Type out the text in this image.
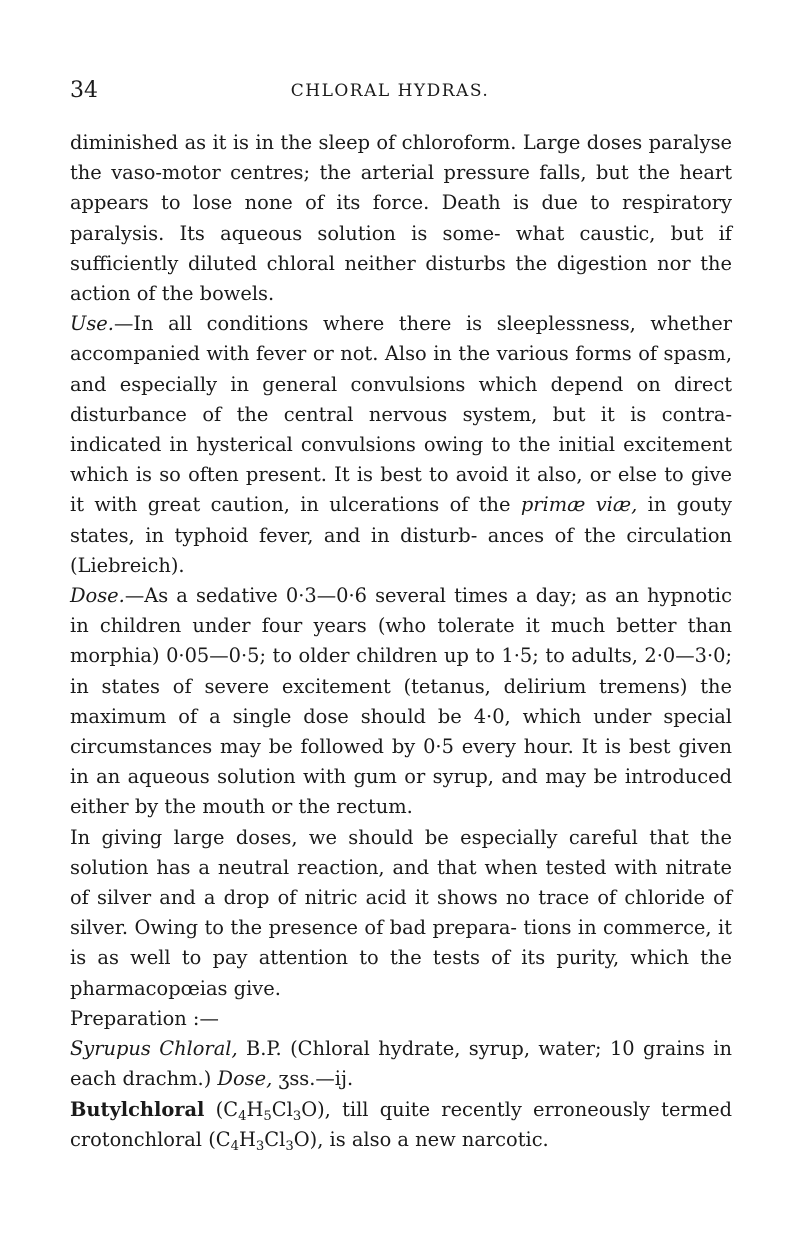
34	CHLORAL HYDRAS.

diminished as it is in the sleep of chloroform. Large doses paralyse the vaso-motor centres; the arterial pressure falls, but the heart appears to lose none of its force. Death is due to respiratory paralysis. Its aqueous solution is some- what caustic, but if sufficiently diluted chloral neither disturbs the digestion nor the action of the bowels.

Use.—In all conditions where there is sleeplessness, whether accompanied with fever or not. Also in the various forms of spasm, and especially in general convulsions which depend on direct disturbance of the central nervous system, but it is contra-indicated in hysterical convulsions owing to the initial excitement which is so often present. It is best to avoid it also, or else to give it with great caution, in ulcerations of the primæ viæ, in gouty states, in typhoid fever, and in disturb- ances of the circulation (Liebreich).

Dose.—As a sedative 0·3—0·6 several times a day; as an hypnotic in children under four years (who tolerate it much better than morphia) 0·05—0·5; to older children up to 1·5; to adults, 2·0—3·0; in states of severe excitement (tetanus, delirium tremens) the maximum of a single dose should be 4·0, which under special circumstances may be followed by 0·5 every hour. It is best given in an aqueous solution with gum or syrup, and may be introduced either by the mouth or the rectum.

In giving large doses, we should be especially careful that the solution has a neutral reaction, and that when tested with nitrate of silver and a drop of nitric acid it shows no trace of chloride of silver. Owing to the presence of bad prepara- tions in commerce, it is as well to pay attention to the tests of its purity, which the pharmacopœias give.

Preparation :—

Syrupus Chloral, B.P. (Chloral hydrate, syrup, water; 10 grains in each drachm.) Dose, ʒss.—ij.

Butylchloral $(C_4H_5Cl_3O)$, till quite recently erroneously termed crotonchloral $(C_4H_3Cl_3O)$, is also a new narcotic.
